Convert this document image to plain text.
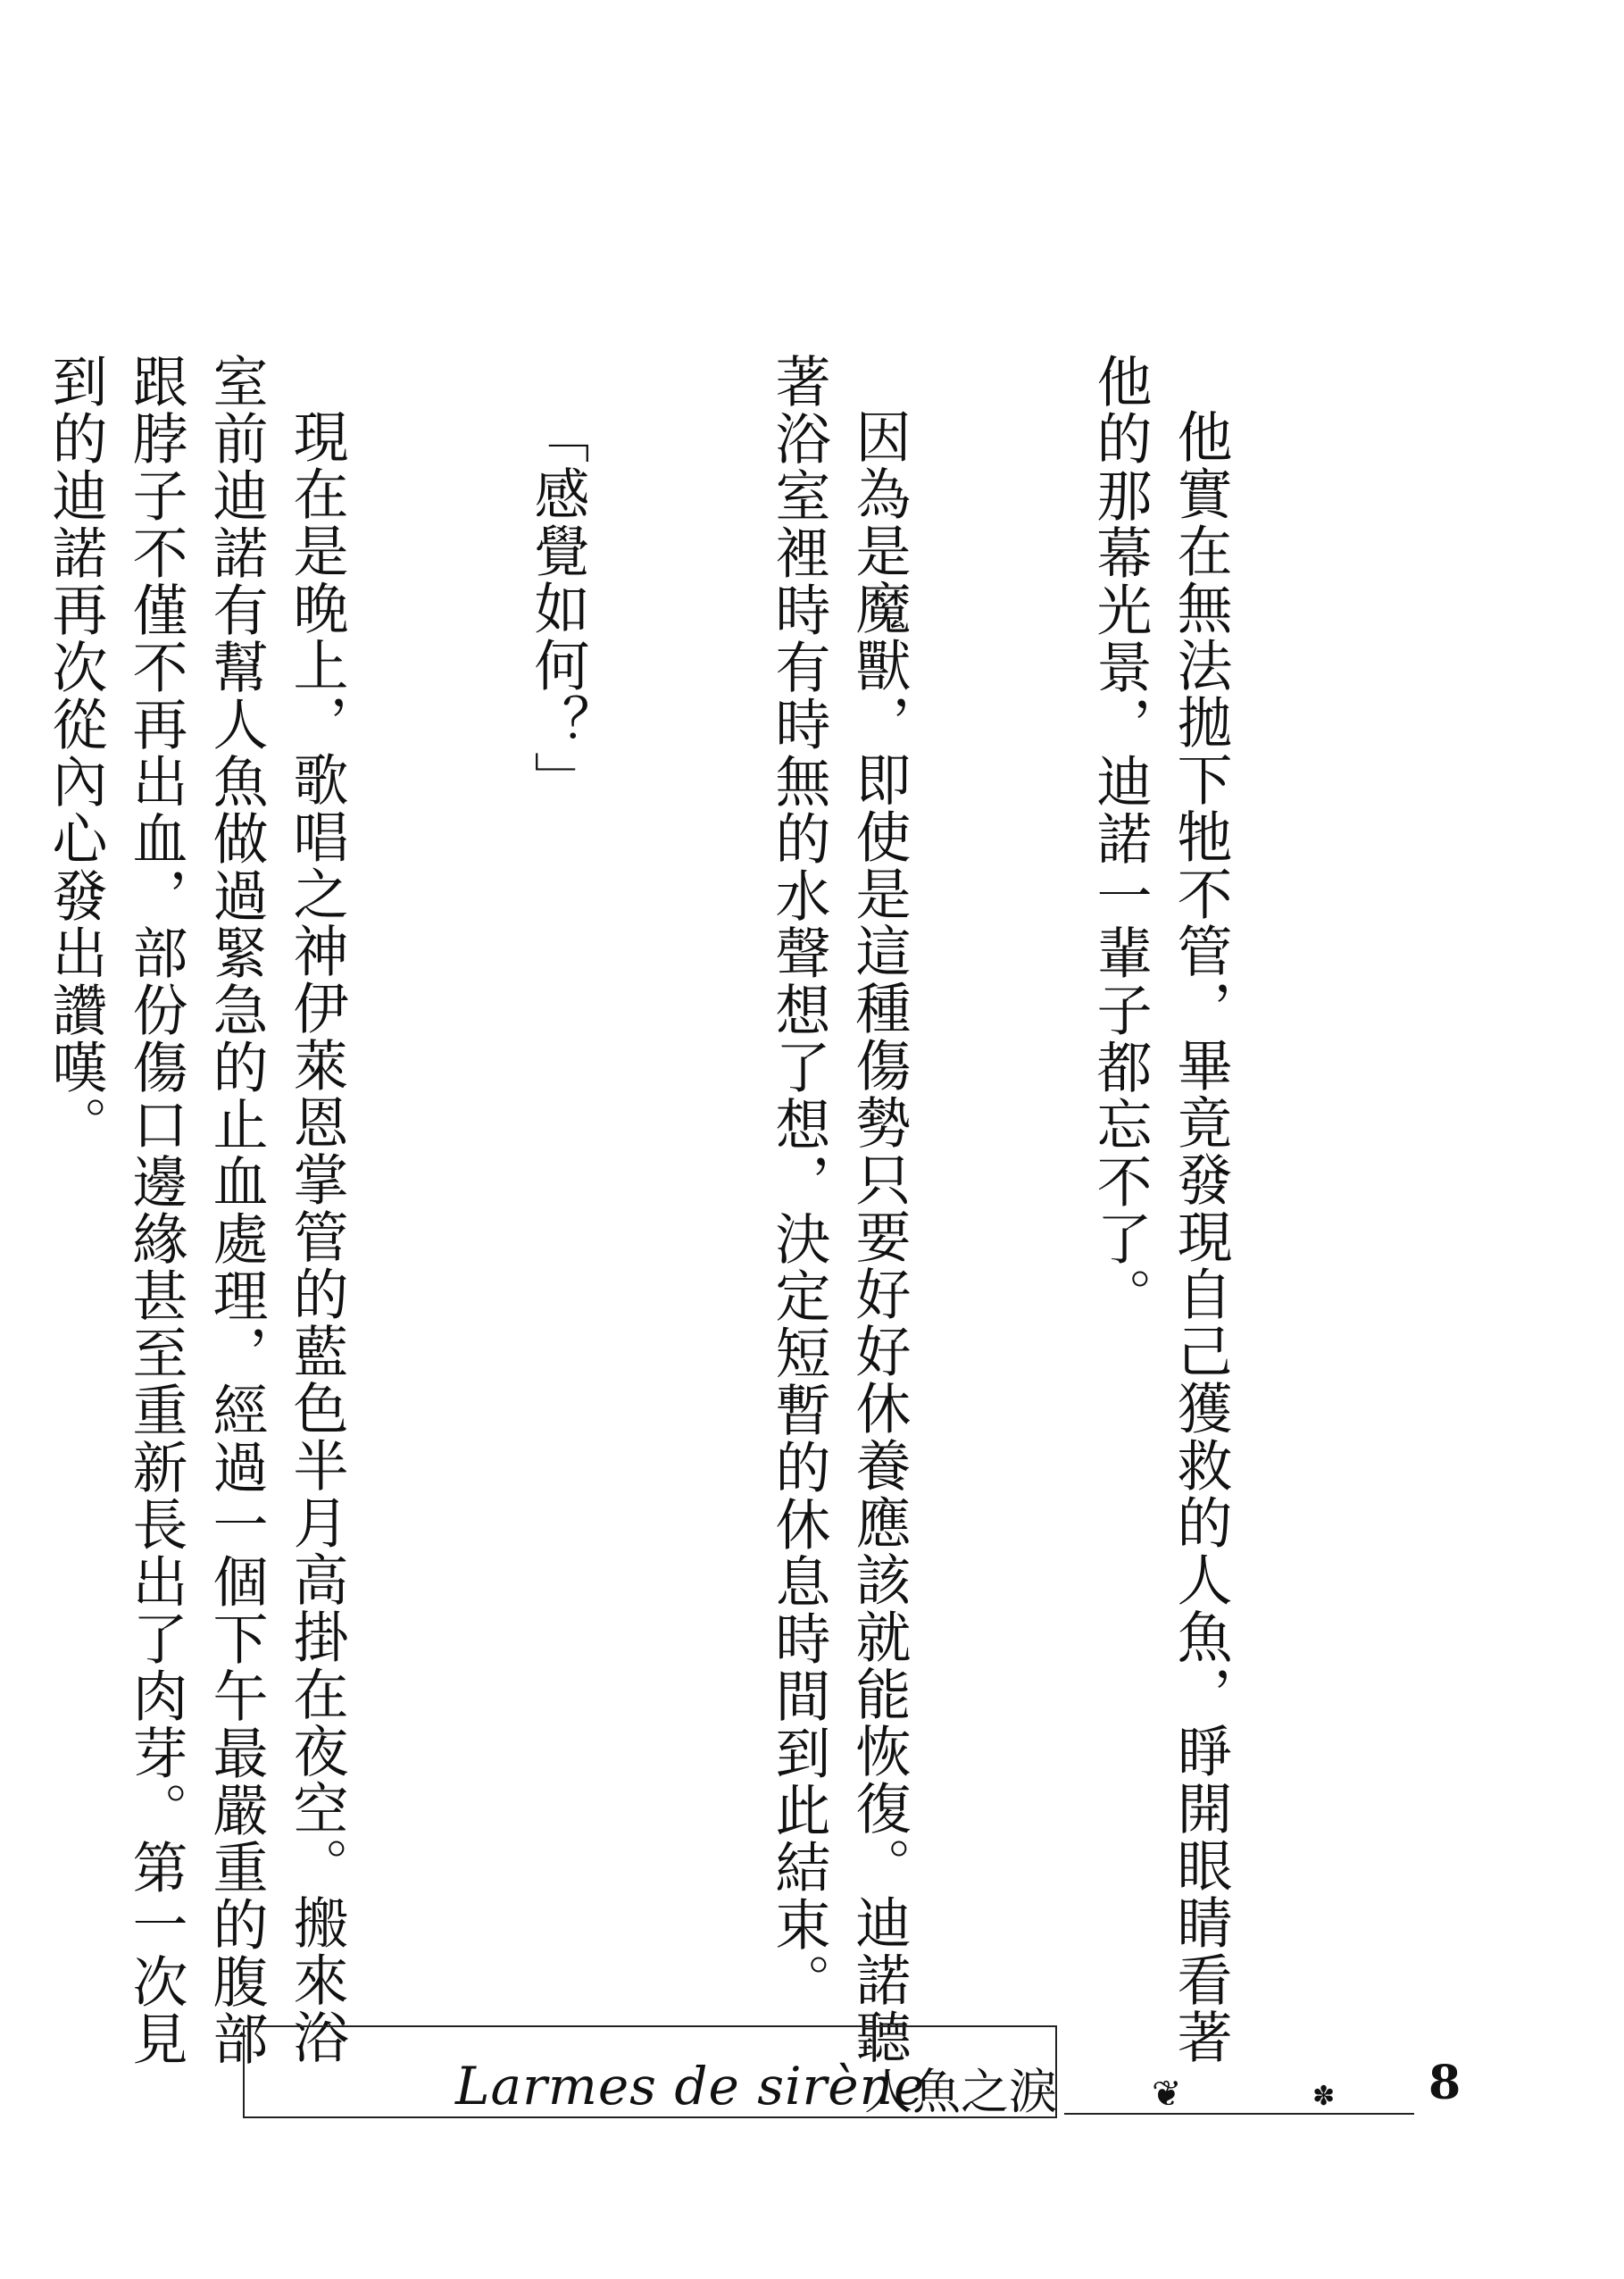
他實在無法拋下牠不管，畢竟發現自己獲救的人魚，睜開眼睛看著他的那幕光景，迪諾一輩子都忘不了。

因為是魔獸，即使是這種傷勢只要好好休養應該就能恢復。迪諾聽著浴室裡時有時無的水聲想了想，決定短暫的休息時間到此結束。

「感覺如何？」

現在是晚上，歌唱之神伊萊恩掌管的藍色半月高掛在夜空。搬來浴室前迪諾有幫人魚做過緊急的止血處理，經過一個下午最嚴重的腹部跟脖子不僅不再出血，部份傷口邊緣甚至重新長出了肉芽。第一次見到的迪諾再次從內心發出讚嘆。

Larmes de sirène
人魚之淚	❦	✽ 8
